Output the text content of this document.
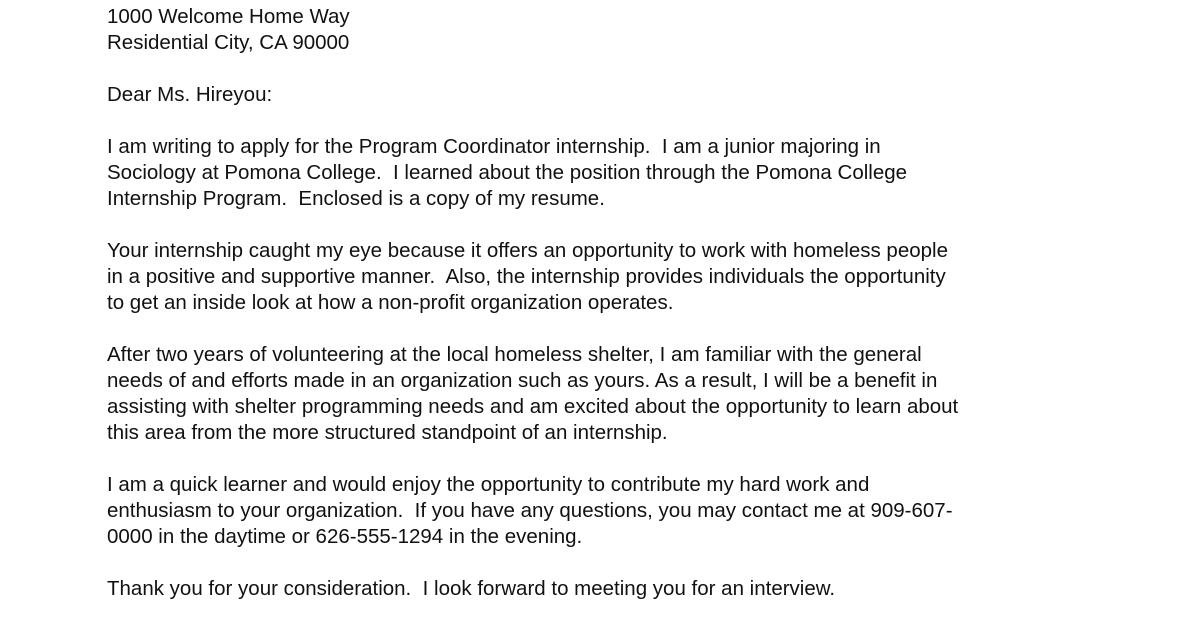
1000 Welcome Home Way
Residential City, CA 90000

Dear Ms. Hireyou:

I am writing to apply for the Program Coordinator internship.  I am a junior majoring in
Sociology at Pomona College.  I learned about the position through the Pomona College
Internship Program.  Enclosed is a copy of my resume.

Your internship caught my eye because it offers an opportunity to work with homeless people
in a positive and supportive manner.  Also, the internship provides individuals the opportunity
to get an inside look at how a non-profit organization operates.

After two years of volunteering at the local homeless shelter, I am familiar with the general
needs of and efforts made in an organization such as yours. As a result, I will be a benefit in
assisting with shelter programming needs and am excited about the opportunity to learn about
this area from the more structured standpoint of an internship.

I am a quick learner and would enjoy the opportunity to contribute my hard work and
enthusiasm to your organization.  If you have any questions, you may contact me at 909-607-
0000 in the daytime or 626-555-1294 in the evening.

Thank you for your consideration.  I look forward to meeting you for an interview.
